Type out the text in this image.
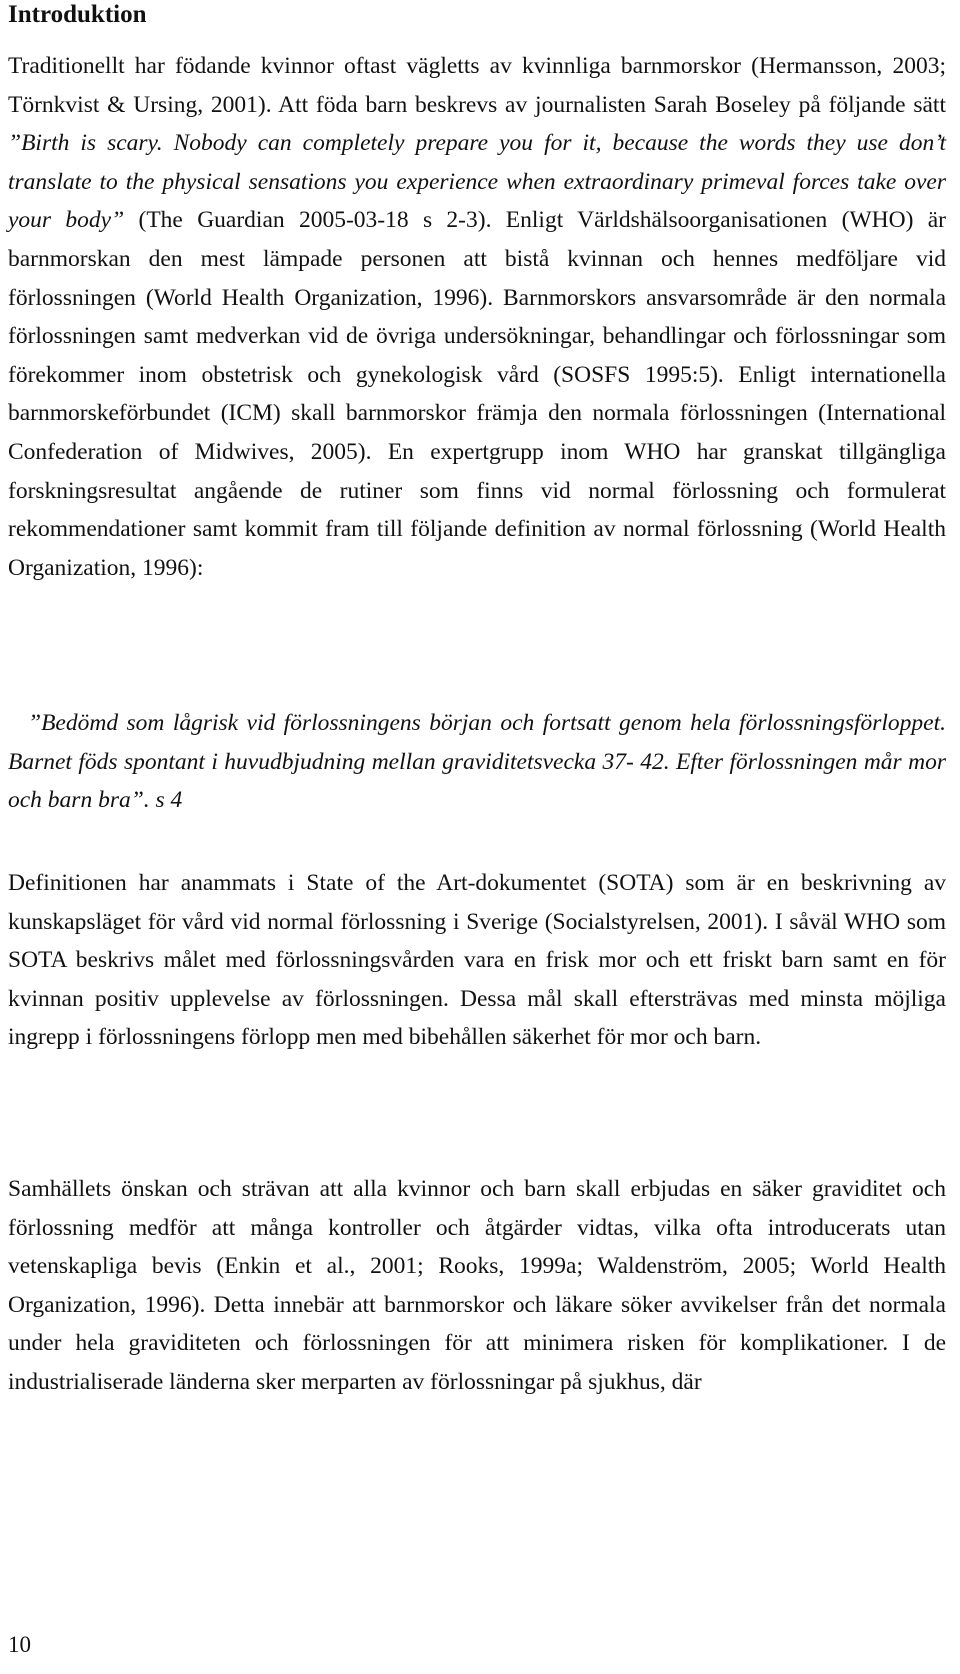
Introduktion

Traditionellt har födande kvinnor oftast vägletts av kvinnliga barnmorskor (Hermansson, 2003; Törnkvist & Ursing, 2001). Att föda barn beskrevs av journalisten Sarah Boseley på följande sätt ”Birth is scary. Nobody can completely prepare you for it, because the words they use don’t translate to the physical sensations you experience when extraordinary primeval forces take over your body” (The Guardian 2005-03-18 s 2-3). Enligt Världshälsoorganisationen (WHO) är barnmorskan den mest lämpade personen att bistå kvinnan och hennes medföljare vid förlossningen (World Health Organization, 1996). Barnmorskors ansvarsområde är den normala förlossningen samt medverkan vid de övriga undersökningar, behandlingar och förlossningar som förekommer inom obstetrisk och gynekologisk vård (SOSFS 1995:5). Enligt internationella barnmorskeförbundet (ICM) skall barnmorskor främja den normala förlossningen (International Confederation of Midwives, 2005). En expertgrupp inom WHO har granskat tillgängliga forskningsresultat angående de rutiner som finns vid normal förlossning och formulerat rekommendationer samt kommit fram till följande definition av normal förlossning (World Health Organization, 1996):

”Bedömd som lågrisk vid förlossningens början och fortsatt genom hela förlossningsförloppet. Barnet föds spontant i huvudbjudning mellan graviditetsvecka 37- 42. Efter förlossningen mår mor och barn bra”. s 4

Definitionen har anammats i State of the Art-dokumentet (SOTA) som är en beskrivning av kunskapsläget för vård vid normal förlossning i Sverige (Socialstyrelsen, 2001). I såväl WHO som SOTA beskrivs målet med förlossningsvården vara en frisk mor och ett friskt barn samt en för kvinnan positiv upplevelse av förlossningen. Dessa mål skall eftersträvas med minsta möjliga ingrepp i förlossningens förlopp men med bibehållen säkerhet för mor och barn.

Samhällets önskan och strävan att alla kvinnor och barn skall erbjudas en säker graviditet och förlossning medför att många kontroller och åtgärder vidtas, vilka ofta introducerats utan vetenskapliga bevis (Enkin et al., 2001; Rooks, 1999a; Waldenström, 2005; World Health Organization, 1996). Detta innebär att barnmorskor och läkare söker avvikelser från det normala under hela graviditeten och förlossningen för att minimera risken för komplikationer. I de industrialiserade länderna sker merparten av förlossningar på sjukhus, där

10
